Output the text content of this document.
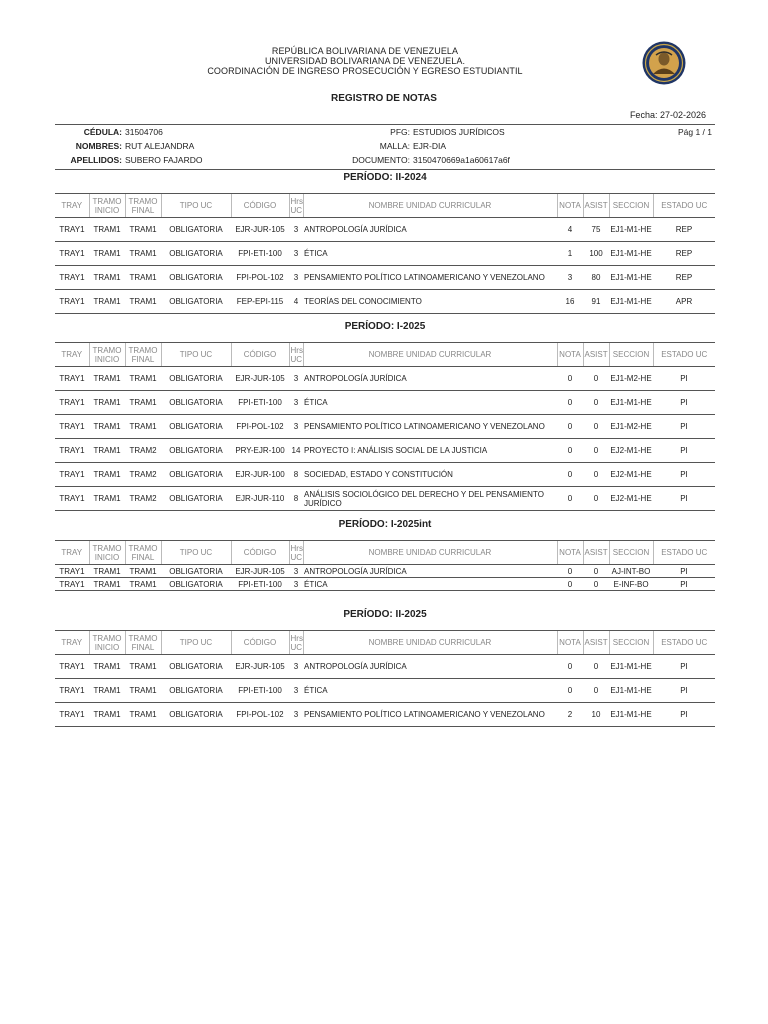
REPÚBLICA BOLIVARIANA DE VENEZUELA
UNIVERSIDAD BOLIVARIANA DE VENEZUELA.
COORDINACIÓN DE INGRESO PROSECUCIÓN Y EGRESO ESTUDIANTIL
REGISTRO DE NOTAS
Fecha: 27-02-2026
CÉDULA: 31504706	PFG: ESTUDIOS JURÍDICOS	Pág 1 / 1
NOMBRES: RUT ALEJANDRA	MALLA: EJR-DIA
APELLIDOS: SUBERO FAJARDO	DOCUMENTO: 3150470669a1a60617a6f
PERÍODO: II-2024
TRAY	TRAMO INICIO	TRAMO FINAL	TIPO UC	CÓDIGO	Hrs UC	NOMBRE UNIDAD CURRICULAR	NOTA	ASIST	SECCION	ESTADO UC
TRAY1	TRAM1	TRAM1	OBLIGATORIA	EJR-JUR-105	3	ANTROPOLOGÍA JURÍDICA	4	75	EJ1-M1-HE	REP
TRAY1	TRAM1	TRAM1	OBLIGATORIA	FPI-ETI-100	3	ÉTICA	1	100	EJ1-M1-HE	REP
TRAY1	TRAM1	TRAM1	OBLIGATORIA	FPI-POL-102	3	PENSAMIENTO POLÍTICO LATINOAMERICANO Y VENEZOLANO	3	80	EJ1-M1-HE	REP
TRAY1	TRAM1	TRAM1	OBLIGATORIA	FEP-EPI-115	4	TEORÍAS DEL CONOCIMIENTO	16	91	EJ1-M1-HE	APR
PERÍODO: I-2025
TRAY	TRAMO INICIO	TRAMO FINAL	TIPO UC	CÓDIGO	Hrs UC	NOMBRE UNIDAD CURRICULAR	NOTA	ASIST	SECCION	ESTADO UC
TRAY1	TRAM1	TRAM1	OBLIGATORIA	EJR-JUR-105	3	ANTROPOLOGÍA JURÍDICA	0	0	EJ1-M2-HE	PI
TRAY1	TRAM1	TRAM1	OBLIGATORIA	FPI-ETI-100	3	ÉTICA	0	0	EJ1-M1-HE	PI
TRAY1	TRAM1	TRAM1	OBLIGATORIA	FPI-POL-102	3	PENSAMIENTO POLÍTICO LATINOAMERICANO Y VENEZOLANO	0	0	EJ1-M2-HE	PI
TRAY1	TRAM1	TRAM2	OBLIGATORIA	PRY-EJR-100	14	PROYECTO I: ANÁLISIS SOCIAL DE LA JUSTICIA	0	0	EJ2-M1-HE	PI
TRAY1	TRAM1	TRAM2	OBLIGATORIA	EJR-JUR-100	8	SOCIEDAD, ESTADO Y CONSTITUCIÓN	0	0	EJ2-M1-HE	PI
TRAY1	TRAM1	TRAM2	OBLIGATORIA	EJR-JUR-110	8	ANÁLISIS SOCIOLÓGICO DEL DERECHO Y DEL PENSAMIENTO JURÍDICO	0	0	EJ2-M1-HE	PI
PERÍODO: I-2025int
TRAY	TRAMO INICIO	TRAMO FINAL	TIPO UC	CÓDIGO	Hrs UC	NOMBRE UNIDAD CURRICULAR	NOTA	ASIST	SECCION	ESTADO UC
TRAY1	TRAM1	TRAM1	OBLIGATORIA	EJR-JUR-105	3	ANTROPOLOGÍA JURÍDICA	0	0	AJ-INT-BO	PI
TRAY1	TRAM1	TRAM1	OBLIGATORIA	FPI-ETI-100	3	ÉTICA	0	0	E-INF-BO	PI
PERÍODO: II-2025
TRAY	TRAMO INICIO	TRAMO FINAL	TIPO UC	CÓDIGO	Hrs UC	NOMBRE UNIDAD CURRICULAR	NOTA	ASIST	SECCION	ESTADO UC
TRAY1	TRAM1	TRAM1	OBLIGATORIA	EJR-JUR-105	3	ANTROPOLOGÍA JURÍDICA	0	0	EJ1-M1-HE	PI
TRAY1	TRAM1	TRAM1	OBLIGATORIA	FPI-ETI-100	3	ÉTICA	0	0	EJ1-M1-HE	PI
TRAY1	TRAM1	TRAM1	OBLIGATORIA	FPI-POL-102	3	PENSAMIENTO POLÍTICO LATINOAMERICANO Y VENEZOLANO	2	10	EJ1-M1-HE	PI
